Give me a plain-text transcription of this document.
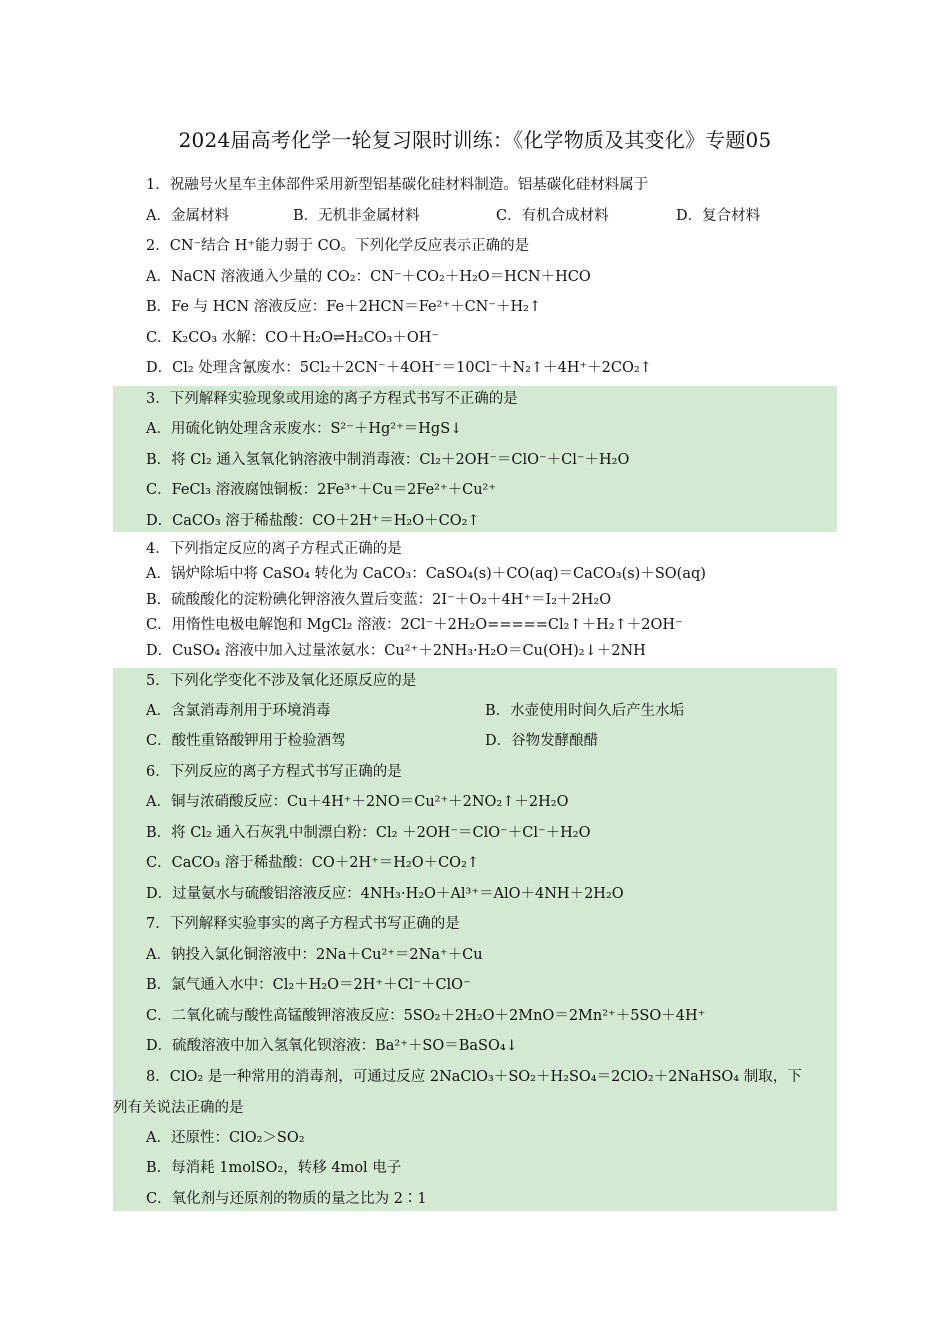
2024届高考化学一轮复习限时训练：《化学物质及其变化》专题05
1．祝融号火星车主体部件采用新型铝基碳化硅材料制造。铝基碳化硅材料属于
A．金属材料	B．无机非金属材料	C．有机合成材料	D．复合材料
2．CN⁻结合 H⁺能力弱于 CO。下列化学反应表示正确的是
A．NaCN 溶液通入少量的 CO₂：CN⁻＋CO₂＋H₂O＝HCN＋HCO
B．Fe 与 HCN 溶液反应：Fe＋2HCN＝Fe²⁺＋CN⁻＋H₂↑
C．K₂CO₃ 水解：CO＋H₂O⇌H₂CO₃＋OH⁻
D．Cl₂ 处理含氰废水：5Cl₂＋2CN⁻＋4OH⁻＝10Cl⁻＋N₂↑＋4H⁺＋2CO₂↑
3．下列解释实验现象或用途的离子方程式书写不正确的是
A．用硫化钠处理含汞废水：S²⁻＋Hg²⁺＝HgS↓
B．将 Cl₂ 通入氢氧化钠溶液中制消毒液：Cl₂＋2OH⁻＝ClO⁻＋Cl⁻＋H₂O
C．FeCl₃ 溶液腐蚀铜板：2Fe³⁺＋Cu＝2Fe²⁺＋Cu²⁺
D．CaCO₃ 溶于稀盐酸：CO＋2H⁺＝H₂O＋CO₂↑
4．下列指定反应的离子方程式正确的是
A．锅炉除垢中将 CaSO₄ 转化为 CaCO₃：CaSO₄(s)＋CO(aq)＝CaCO₃(s)＋SO(aq)
B．硫酸酸化的淀粉碘化钾溶液久置后变蓝：2I⁻＋O₂＋4H⁺＝I₂＋2H₂O
C．用惰性电极电解饱和 MgCl₂ 溶液：2Cl⁻＋2H₂O=====Cl₂↑＋H₂↑＋2OH⁻
D．CuSO₄ 溶液中加入过量浓氨水：Cu²⁺＋2NH₃·H₂O＝Cu(OH)₂↓＋2NH
5．下列化学变化不涉及氧化还原反应的是
A．含氯消毒剂用于环境消毒	B．水壶使用时间久后产生水垢
C．酸性重铬酸钾用于检验酒驾	D．谷物发酵酿醋
6．下列反应的离子方程式书写正确的是
A．铜与浓硝酸反应：Cu＋4H⁺＋2NO＝Cu²⁺＋2NO₂↑＋2H₂O
B．将 Cl₂ 通入石灰乳中制漂白粉：Cl₂ ＋2OH⁻＝ClO⁻＋Cl⁻＋H₂O
C．CaCO₃ 溶于稀盐酸：CO＋2H⁺＝H₂O＋CO₂↑
D．过量氨水与硫酸铝溶液反应：4NH₃·H₂O＋Al³⁺＝AlO＋4NH＋2H₂O
7．下列解释实验事实的离子方程式书写正确的是
A．钠投入氯化铜溶液中：2Na＋Cu²⁺＝2Na⁺＋Cu
B．氯气通入水中：Cl₂＋H₂O＝2H⁺＋Cl⁻＋ClO⁻
C．二氧化硫与酸性高锰酸钾溶液反应：5SO₂＋2H₂O＋2MnO＝2Mn²⁺＋5SO＋4H⁺
D．硫酸溶液中加入氢氧化钡溶液：Ba²⁺＋SO＝BaSO₄↓
8．ClO₂ 是一种常用的消毒剂，可通过反应 2NaClO₃＋SO₂＋H₂SO₄＝2ClO₂＋2NaHSO₄ 制取，下
列有关说法正确的是
A．还原性：ClO₂＞SO₂
B．每消耗 1molSO₂，转移 4mol 电子
C．氧化剂与还原剂的物质的量之比为 2∶1
